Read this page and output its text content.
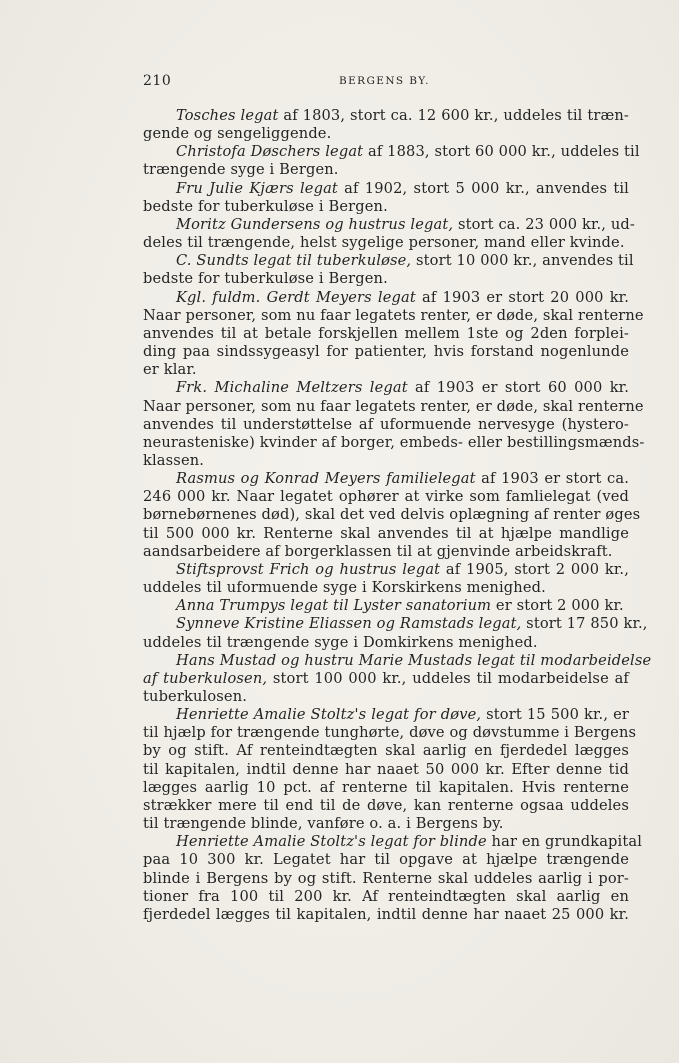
210	BERGENS BY.

Tosches legat af 1803, stort ca. 12 600 kr., uddeles til træn-
gende og sengeliggende.

Christofa Døschers legat af 1883, stort 60 000 kr., uddeles til
trængende syge i Bergen.

Fru Julie Kjærs legat af 1902, stort 5 000 kr., anvendes til
bedste for tuberkuløse i Bergen.

Moritz Gundersens og hustrus legat, stort ca. 23 000 kr., ud-
deles til trængende, helst sygelige personer, mand eller kvinde.

C. Sundts legat til tuberkuløse, stort 10 000 kr., anvendes til
bedste for tuberkuløse i Bergen.

Kgl. fuldm. Gerdt Meyers legat af 1903 er stort 20 000 kr.
Naar personer, som nu faar legatets renter, er døde, skal renterne
anvendes til at betale forskjellen mellem 1ste og 2den forplei-
ding paa sindssygeasyl for patienter, hvis forstand nogenlunde
er klar.

Frk. Michaline Meltzers legat af 1903 er stort 60 000 kr.
Naar personer, som nu faar legatets renter, er døde, skal renterne
anvendes til understøttelse af uformuende nervesyge (hystero-
neurasteniske) kvinder af borger, embeds- eller bestillingsmænds-
klassen.

Rasmus og Konrad Meyers familielegat af 1903 er stort ca.
246 000 kr. Naar legatet ophører at virke som famlielegat (ved
børnebørnenes død), skal det ved delvis oplægning af renter øges
til 500 000 kr. Renterne skal anvendes til at hjælpe mandlige
aandsarbeidere af borgerklassen til at gjenvinde arbeidskraft.

Stiftsprovst Frich og hustrus legat af 1905, stort 2 000 kr.,
uddeles til uformuende syge i Korskirkens menighed.

Anna Trumpys legat til Lyster sanatorium er stort 2 000 kr.

Synneve Kristine Eliassen og Ramstads legat, stort 17 850 kr.,
uddeles til trængende syge i Domkirkens menighed.

Hans Mustad og hustru Marie Mustads legat til modarbeidelse
af tuberkulosen, stort 100 000 kr., uddeles til modarbeidelse af
tuberkulosen.

Henriette Amalie Stoltz's legat for døve, stort 15 500 kr., er
til hjælp for trængende tunghørte, døve og døvstumme i Bergens
by og stift. Af renteindtægten skal aarlig en fjerdedel lægges
til kapitalen, indtil denne har naaet 50 000 kr. Efter denne tid
lægges aarlig 10 pct. af renterne til kapitalen. Hvis renterne
strækker mere til end til de døve, kan renterne ogsaa uddeles
til trængende blinde, vanføre o. a. i Bergens by.

Henriette Amalie Stoltz's legat for blinde har en grundkapital
paa 10 300 kr. Legatet har til opgave at hjælpe trængende
blinde i Bergens by og stift. Renterne skal uddeles aarlig i por-
tioner fra 100 til 200 kr. Af renteindtægten skal aarlig en
fjerdedel lægges til kapitalen, indtil denne har naaet 25 000 kr.
